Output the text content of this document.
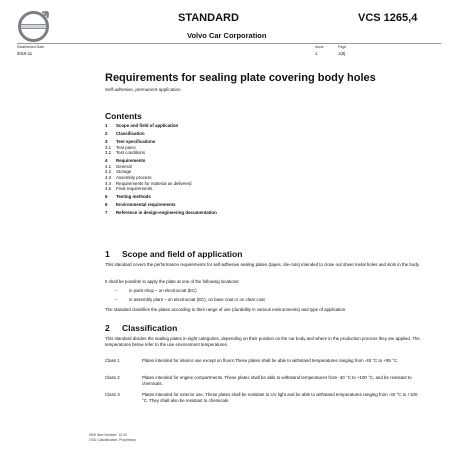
STANDARD	VCS 1265,4
Volvo Car Corporation
Established Date
2016-11
Issue
1
Page
1(8)
Requirements for sealing plate covering body holes
Self-adhesive, permanent application
Contents
1 Scope and field of application
2 Classification
3 Test specifications
3.1 Test piece
3.2 Test conditions
4 Requirements
4.1 General
4.2 Storage
4.3 Assembly process
4.4 Requirements for material as delivered
4.5 Final requirements
5 Testing methods
6 Environmental requirements
7 Reference in design-engineering documentation
1 Scope and field of application
This standard covers the performance requirements for self-adhesive sealing plates (tapes, die-cuts) intended to close out sheet metal holes and slots in the body.
It shall be possible to apply the plate at one of the following locations:
–	in paint shop – on electrocoat (EC)
–	in assembly plant – on electrocoat (EC), on base coat or on clear coat
The standard classifies the plates according to their range of use (durability in various environments) and type of application.
2 Classification
This standard divides the sealing plates in eight categories, depending on their position on the car body and where in the production process they are applied. The temperatures below refer to the use environment temperatures.
Class 1	Plates intended for interior use except on floors.These plates shall be able to withstand temperatures ranging from -40 °C to +85 °C.
Class 2	Plates intended for engine compartments. These plates shall be able to withstand temperatures from -40 °C to +100 °C, and be resistant to chemicals.
Class 3	Plates intended for exterior use. These plates shall be resistant to UV light and be able to withstand temperatures ranging from -40 °C to +100 °C. They shall also be resistant to chemicals.
ISMI Item Number: 10.00
GSU Classification: Proprietary
